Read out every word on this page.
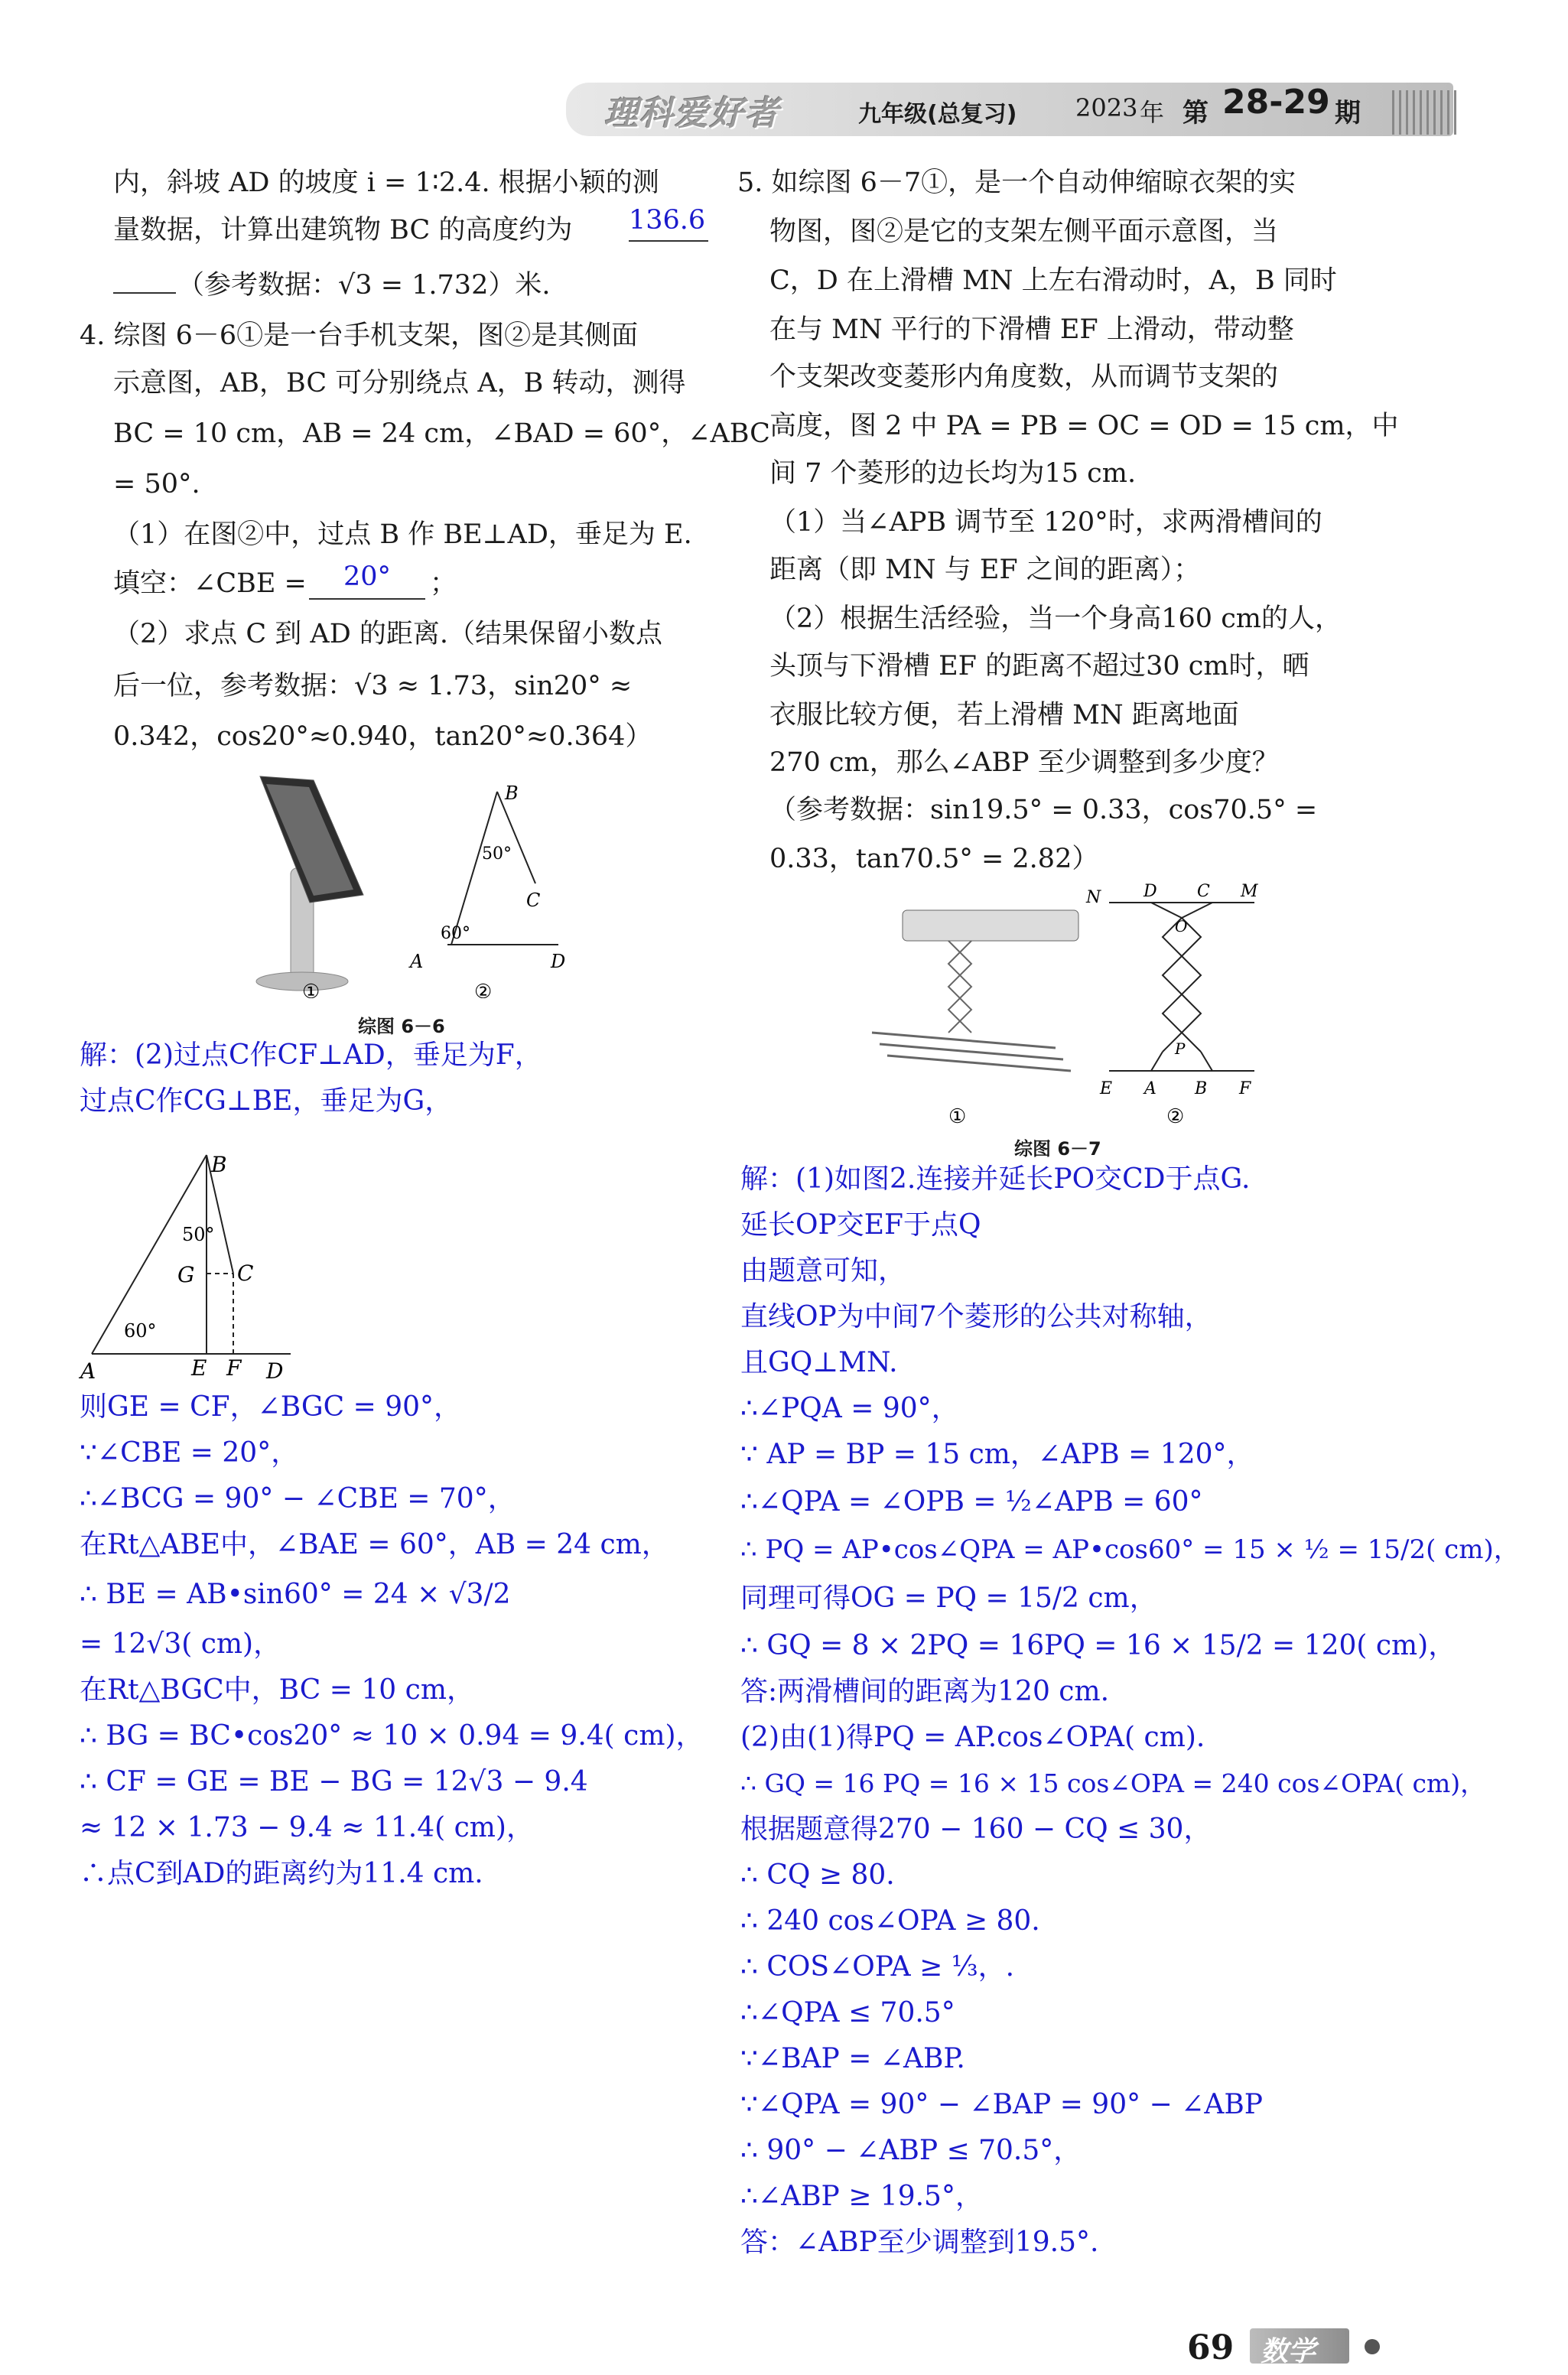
理科爱好者	九年级(总复习) 2023 年 第 28-29 期
内，斜坡 AD 的坡度 i = 1∶2.4. 根据小颖的测
量数据，计算出建筑物 BC 的高度约为 136.6
（参考数据：√3 = 1.732）米.
4. 综图 6－6①是一台手机支架，图②是其侧面
示意图，AB，BC 可分别绕点 A，B 转动，测得
BC = 10 cm，AB = 24 cm，∠BAD = 60°，∠ABC
= 50°.
（1）在图②中，过点 B 作 BE⊥AD，垂足为 E.
填空：∠CBE =	20°	；
（2）求点 C 到 AD 的距离.（结果保留小数点
后一位，参考数据：√3 ≈ 1.73，sin20° ≈
0.342，cos20°≈0.940，tan20°≈0.364）
B
50°
C
60°
A	D
①	②
综图 6－6
解：(2)过点C作CF⊥AD，垂足为F，
过点C作CG⊥BE，垂足为G，
B
50°
G C
60°
A	E F D
则GE = CF，∠BGC = 90°，
∵∠CBE = 20°，
∴∠BCG = 90° − ∠CBE = 70°，
在Rt△ABE中，∠BAE = 60°，AB = 24 cm，
∴ BE = AB•sin60° = 24 × √3/2
= 12√3( cm)，
在Rt△BGC中，BC = 10 cm，
∴ BG = BC•cos20° ≈ 10 × 0.94 = 9.4( cm)，
∴ CF = GE = BE − BG = 12√3 − 9.4
≈ 12 × 1.73 − 9.4 ≈ 11.4( cm)，
∴点C到AD的距离约为11.4 cm.
5. 如综图 6－7①，是一个自动伸缩晾衣架的实
物图，图②是它的支架左侧平面示意图，当
C，D 在上滑槽 MN 上左右滑动时，A，B 同时
在与 MN 平行的下滑槽 EF 上滑动，带动整
个支架改变菱形内角度数，从而调节支架的
高度，图 2 中 PA = PB = OC = OD = 15 cm，中
间 7 个菱形的边长均为15 cm.
（1）当∠APB 调节至 120°时，求两滑槽间的
距离（即 MN 与 EF 之间的距离）；
（2）根据生活经验，当一个身高160 cm的人，
头顶与下滑槽 EF 的距离不超过30 cm时，晒
衣服比较方便，若上滑槽 MN 距离地面
270 cm，那么∠ABP 至少调整到多少度？
（参考数据：sin19.5° = 0.33，cos70.5° =
0.33，tan70.5° = 2.82）
N	D C M
O
P
E A B F
①	②
综图 6－7
解：(1)如图2.连接并延长PO交CD于点G.
延长OP交EF于点Q
由题意可知，
直线OP为中间7个菱形的公共对称轴，
且GQ⊥MN.
∴∠PQA = 90°，
∵ AP = BP = 15 cm，∠APB = 120°，
∴∠QPA = ∠OPB = ½∠APB = 60°
∴ PQ = AP•cos∠QPA = AP•cos60° = 15 × ½ = 15/2( cm)，
同理可得OG = PQ = 15/2 cm，
∴ GQ = 8 × 2PQ = 16PQ = 16 × 15/2 = 120( cm)，
答:两滑槽间的距离为120 cm.
(2)由(1)得PQ = AP.cos∠OPA( cm).
∴ GQ = 16 PQ = 16 × 15 cos∠OPA = 240 cos∠OPA( cm)，
根据题意得270 − 160 − CQ ≤ 30，
∴ CQ ≥ 80.
∴ 240 cos∠OPA ≥ 80.
∴ COS∠OPA ≥ ⅓，.
∴∠QPA ≤ 70.5°
∵∠BAP = ∠ABP.
∵∠QPA = 90° − ∠BAP = 90° − ∠ABP
∴ 90° − ∠ABP ≤ 70.5°，
∴∠ABP ≥ 19.5°，
答：∠ABP至少调整到19.5°.
69 数学
